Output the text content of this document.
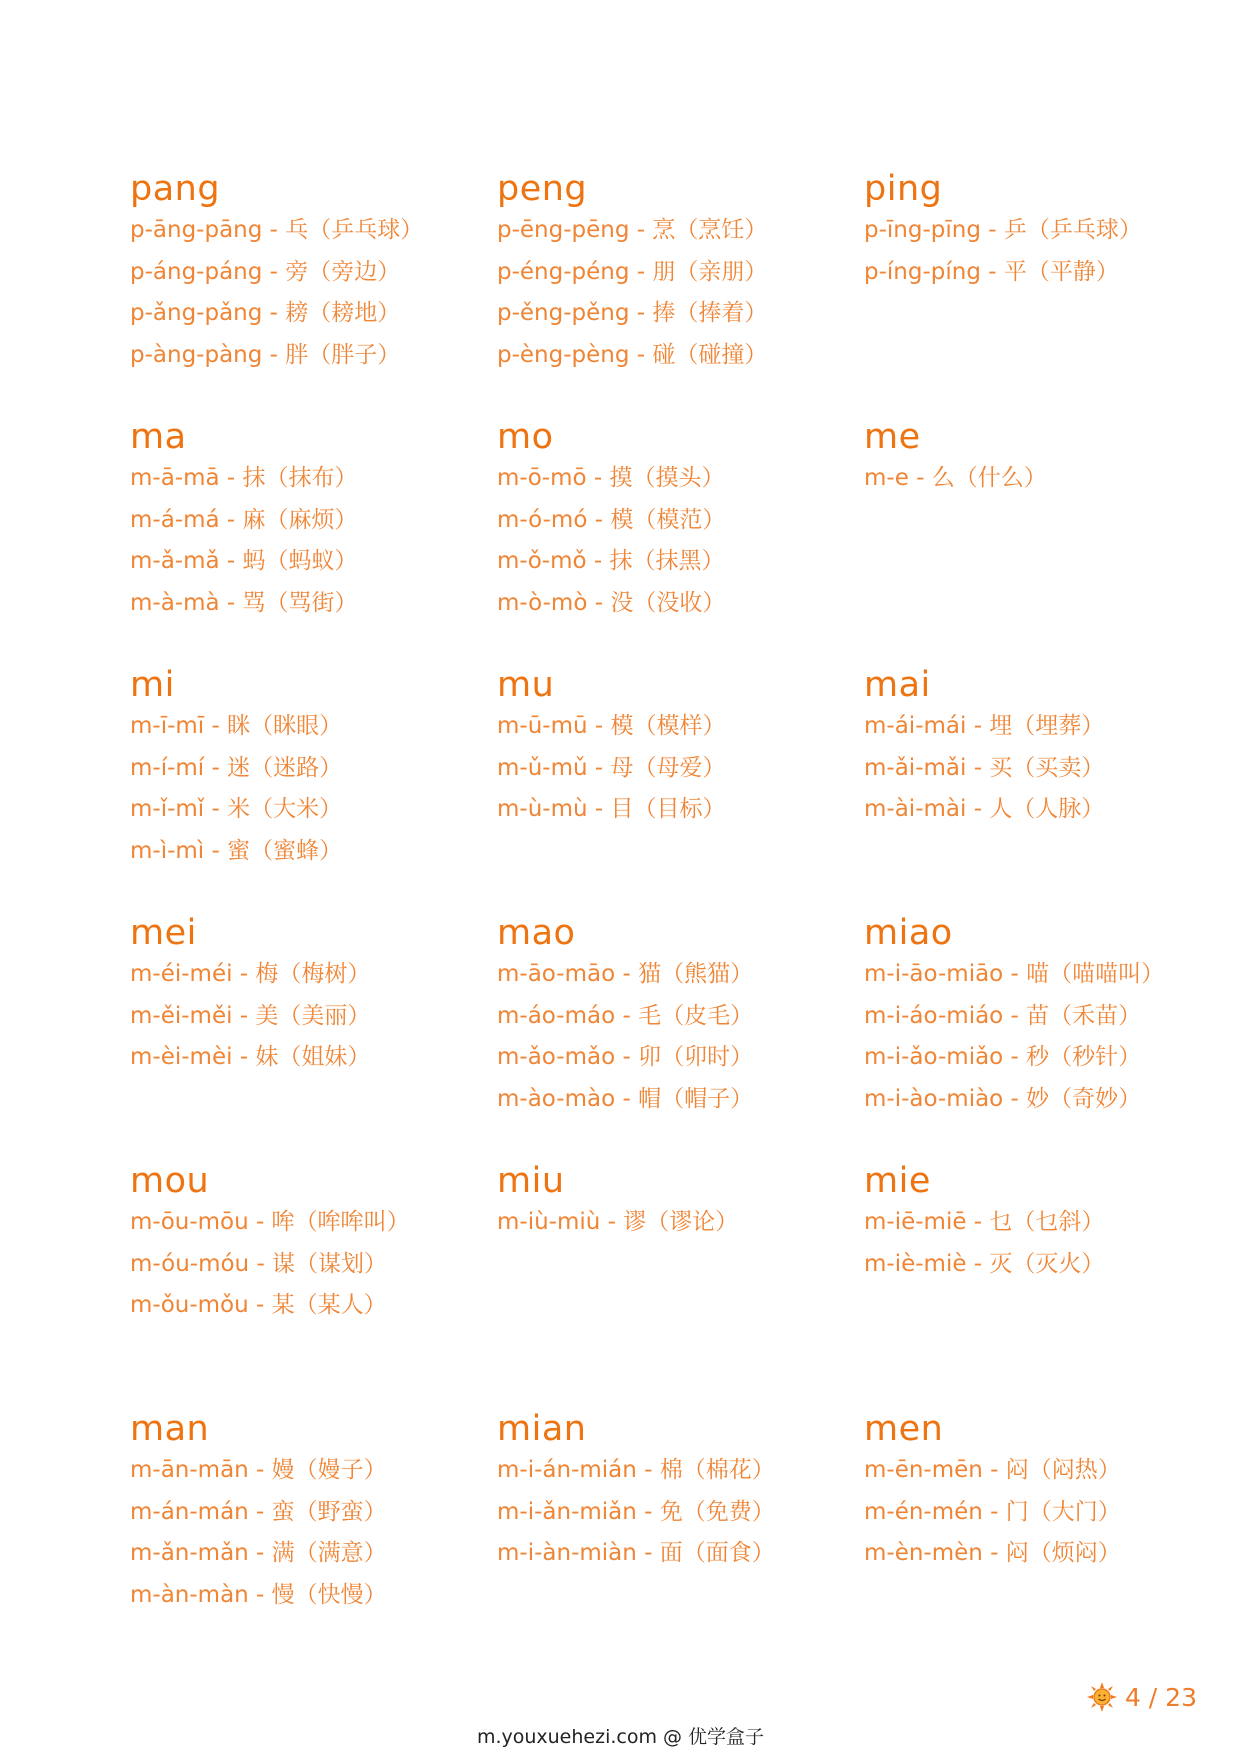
pang
p-āng-pāng - 乓（乒乓球）
p-áng-páng - 旁（旁边）
p-ǎng-pǎng - 耪（耪地）
p-àng-pàng - 胖（胖子）
peng
p-ēng-pēng - 烹（烹饪）
p-éng-péng - 朋（亲朋）
p-ěng-pěng - 捧（捧着）
p-èng-pèng - 碰（碰撞）
ping
p-īng-pīng - 乒（乒乓球）
p-íng-píng - 平（平静）
ma
m-ā-mā - 抹（抹布）
m-á-má - 麻（麻烦）
m-ǎ-mǎ - 蚂（蚂蚁）
m-à-mà - 骂（骂街）
mo
m-ō-mō - 摸（摸头）
m-ó-mó - 模（模范）
m-ǒ-mǒ - 抹（抹黑）
m-ò-mò - 没（没收）
me
m-e - 么（什么）
mi
m-ī-mī - 眯（眯眼）
m-í-mí - 迷（迷路）
m-ǐ-mǐ - 米（大米）
m-ì-mì - 蜜（蜜蜂）
mu
m-ū-mū - 模（模样）
m-ǔ-mǔ - 母（母爱）
m-ù-mù - 目（目标）
mai
m-ái-mái - 埋（埋葬）
m-ǎi-mǎi - 买（买卖）
m-ài-mài - 人（人脉）
mei
m-éi-méi - 梅（梅树）
m-ěi-měi - 美（美丽）
m-èi-mèi - 妹（姐妹）
mao
m-āo-māo - 猫（熊猫）
m-áo-máo - 毛（皮毛）
m-ǎo-mǎo - 卯（卯时）
m-ào-mào - 帽（帽子）
miao
m-i-āo-miāo - 喵（喵喵叫）
m-i-áo-miáo - 苗（禾苗）
m-i-ǎo-miǎo - 秒（秒针）
m-i-ào-miào - 妙（奇妙）
mou
m-ōu-mōu - 哞（哞哞叫）
m-óu-móu - 谋（谋划）
m-ǒu-mǒu - 某（某人）
miu
m-iù-miù - 谬（谬论）
mie
m-iē-miē - 乜（乜斜）
m-iè-miè - 灭（灭火）
man
m-ān-mān - 嫚（嫚子）
m-án-mán - 蛮（野蛮）
m-ǎn-mǎn - 满（满意）
m-àn-màn - 慢（快慢）
mian
m-i-án-mián - 棉（棉花）
m-i-ǎn-miǎn - 免（免费）
m-i-àn-miàn - 面（面食）
men
m-ēn-mēn - 闷（闷热）
m-én-mén - 门（大门）
m-èn-mèn - 闷（烦闷）
4 / 23
m.youxuehezi.com @ 优学盒子
